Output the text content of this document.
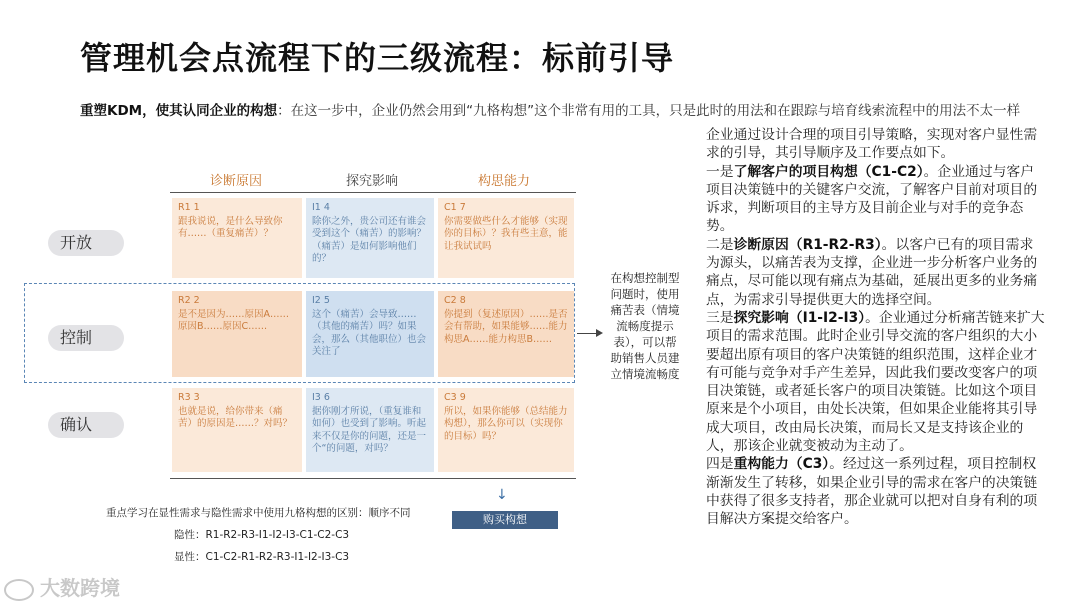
管理机会点流程下的三级流程：标前引导
重塑KDM，使其认同企业的构想：在这一步中，企业仍然会用到“九格构想”这个非常有用的工具，只是此时的用法和在跟踪与培育线索流程中的用法不太一样
诊断原因	探究影响	构思能力
开放
控制
确认
R1 1
跟我说说，是什么导致你有……（重复痛苦）？
I1 4
除你之外，贵公司还有谁会受到这个（痛苦）的影响？（痛苦）是如何影响他们的？
C1 7
你需要做些什么才能够（实现你的目标）？我有些主意，能让我试试吗
R2 2
是不是因为……原因A……原因B……原因C……
I2 5
这个（痛苦）会导致……（其他的痛苦）吗？如果会，那么（其他职位）也会关注了
C2 8
你提到（复述原因）……是否会有帮助，如果能够……能力构思A……能力构思B……
R3 3
也就是说，给你带来（痛苦）的原因是……？对吗？
I3 6
据你刚才所说，（重复谁和如何）也受到了影响。听起来不仅是你的问题，还是一个“的问题，对吗？
C3 9
所以，如果你能够（总结能力构想），那么你可以（实现你的目标）吗？
在构想控制型问题时，使用痛苦表（情境流畅度提示表），可以帮助销售人员建立情境流畅度
↓
购买构想
重点学习在显性需求与隐性需求中使用九格构想的区别：顺序不同
隐性：R1-R2-R3-I1-I2-I3-C1-C2-C3
显性：C1-C2-R1-R2-R3-I1-I2-I3-C3
大数跨境

企业通过设计合理的项目引导策略，实现对客户显性需求的引导，其引导顺序及工作要点如下。

一是了解客户的项目构想（C1-C2）。企业通过与客户项目决策链中的关键客户交流，了解客户目前对项目的诉求，判断项目的主导方及目前企业与对手的竞争态势。

二是诊断原因（R1-R2-R3）。以客户已有的项目需求为源头，以痛苦表为支撑，企业进一步分析客户业务的痛点，尽可能以现有痛点为基础，延展出更多的业务痛点，为需求引导提供更大的选择空间。

三是探究影响（I1-I2-I3）。企业通过分析痛苦链来扩大项目的需求范围。此时企业引导交流的客户组织的大小要超出原有项目的客户决策链的组织范围，这样企业才有可能与竞争对手产生差异，因此我们要改变客户的项目决策链，或者延长客户的项目决策链。比如这个项目原来是个小项目，由处长决策，但如果企业能将其引导成大项目，改由局长决策，而局长又是支持该企业的人，那该企业就变被动为主动了。

四是重构能力（C3）。经过这一系列过程，项目控制权渐渐发生了转移，如果企业引导的需求在客户的决策链中获得了很多支持者，那企业就可以把对自身有利的项目解决方案提交给客户。
